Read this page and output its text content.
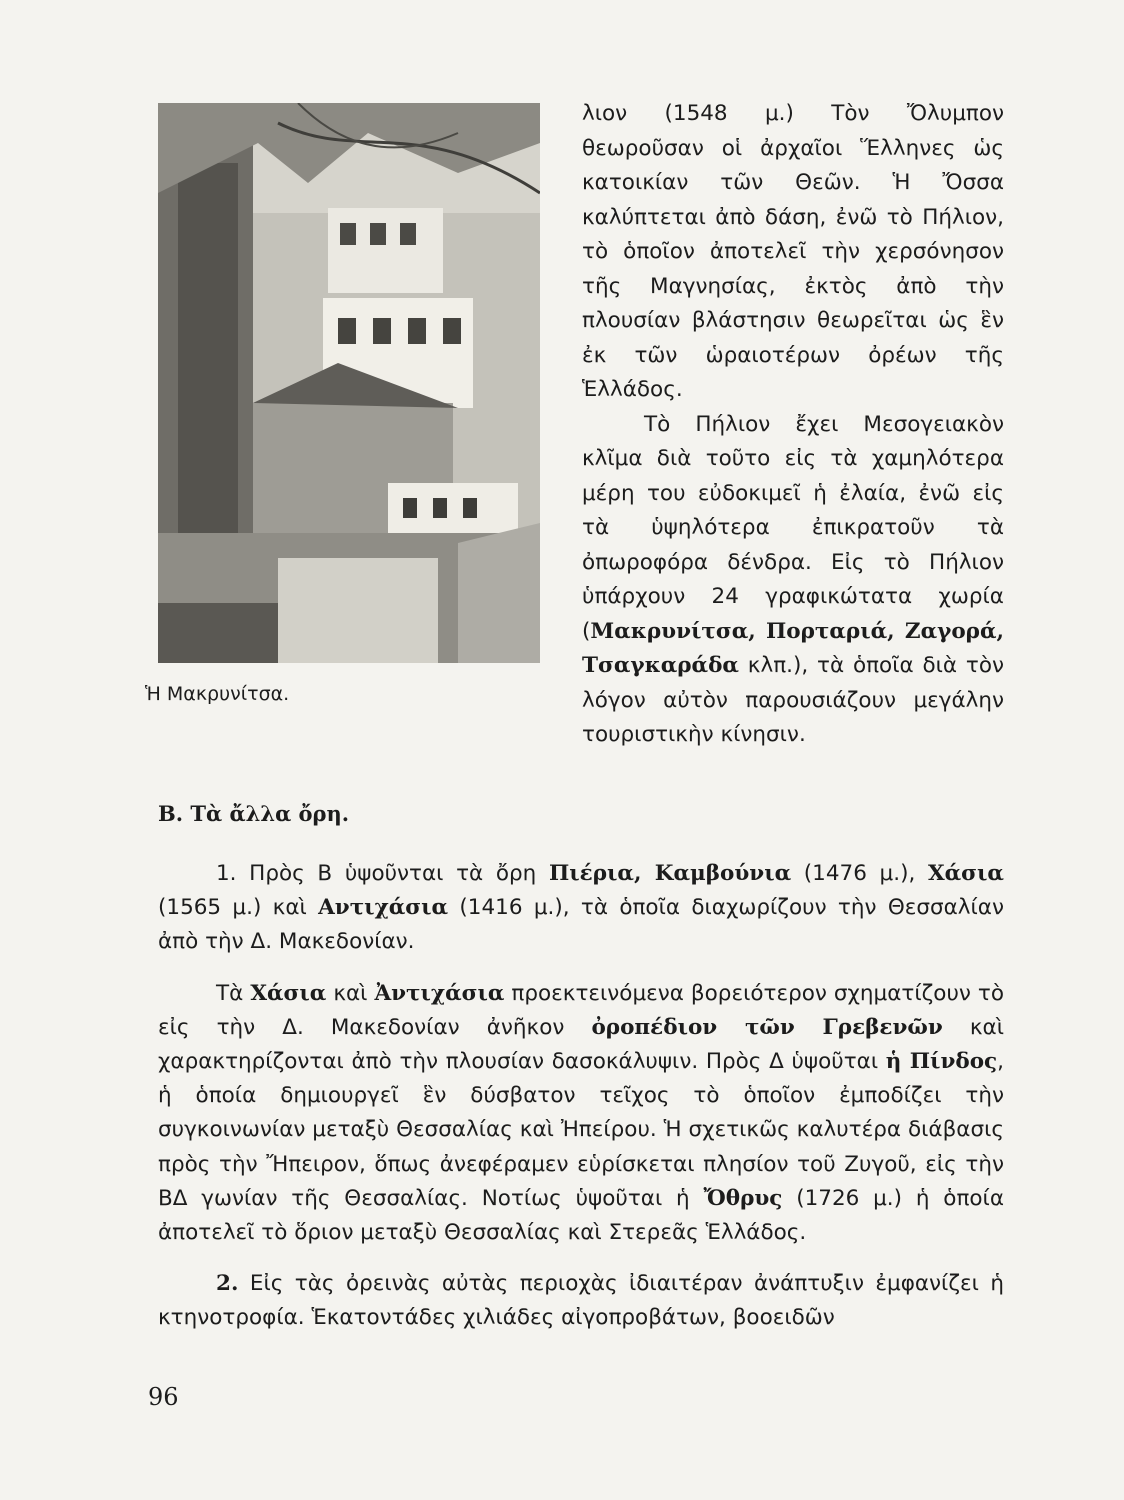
Ἡ Μακρυνίτσα.

λιον (1548 μ.) Τὸν Ὄλυμπον θεωροῦσαν οἱ ἀρχαῖοι Ἕλληνες ὡς κατοικίαν τῶν Θεῶν. Ἡ Ὄσσα καλύπτεται ἀπὸ δάση, ἐνῶ τὸ Πήλιον, τὸ ὁποῖον ἀποτελεῖ τὴν χερσόνησον τῆς Μαγνησίας, ἐκτὸς ἀπὸ τὴν πλουσίαν βλάστησιν θεωρεῖται ὡς ἓν ἐκ τῶν ὡραιοτέρων ὀρέων τῆς Ἑλλάδος.

Τὸ Πήλιον ἔχει Μεσογειακὸν κλῖμα διὰ τοῦτο εἰς τὰ χαμηλότερα μέρη του εὐδοκιμεῖ ἡ ἐλαία, ἐνῶ εἰς τὰ ὑψηλότερα ἐπικρατοῦν τὰ ὀπωροφόρα δένδρα. Εἰς τὸ Πήλιον ὑπάρχουν 24 γραφικώτατα χωρία (Μακρυνίτσα, Πορταριά, Ζαγορά, Τσαγκαράδα κλπ.), τὰ ὁποῖα διὰ τὸν λόγον αὐτὸν παρουσιάζουν μεγάλην τουριστικὴν κίνησιν.

Β. Τὰ ἄλλα ὄρη.

1. Πρὸς Β ὑψοῦνται τὰ ὄρη Πιέρια, Καμβούνια (1476 μ.), Χάσια (1565 μ.) καὶ Αντιχάσια (1416 μ.), τὰ ὁποῖα διαχωρίζουν τὴν Θεσσαλίαν ἀπὸ τὴν Δ. Μακεδονίαν.

Τὰ Χάσια καὶ Ἀντιχάσια προεκτεινόμενα βορειότερον σχηματίζουν τὸ εἰς τὴν Δ. Μακεδονίαν ἀνῆκον ὀροπέδιον τῶν Γρεβενῶν καὶ χαρακτηρίζονται ἀπὸ τὴν πλουσίαν δασοκάλυψιν. Πρὸς Δ ὑψοῦται ἡ Πίνδος, ἡ ὁποία δημιουργεῖ ἓν δύσβατον τεῖχος τὸ ὁποῖον ἐμποδίζει τὴν συγκοινωνίαν μεταξὺ Θεσσαλίας καὶ Ἠπείρου. Ἡ σχετικῶς καλυτέρα διάβασις πρὸς τὴν Ἤπειρον, ὅπως ἀνεφέραμεν εὑρίσκεται πλησίον τοῦ Ζυγοῦ, εἰς τὴν ΒΔ γωνίαν τῆς Θεσσαλίας. Νοτίως ὑψοῦται ἡ Ὄθρυς (1726 μ.) ἡ ὁποία ἀποτελεῖ τὸ ὅριον μεταξὺ Θεσσαλίας καὶ Στερεᾶς Ἑλλάδος.

2. Εἰς τὰς ὀρεινὰς αὐτὰς περιοχὰς ἰδιαιτέραν ἀνάπτυξιν ἐμφανίζει ἡ κτηνοτροφία. Ἑκατοντάδες χιλιάδες αἰγοπροβάτων, βοοειδῶν

96
